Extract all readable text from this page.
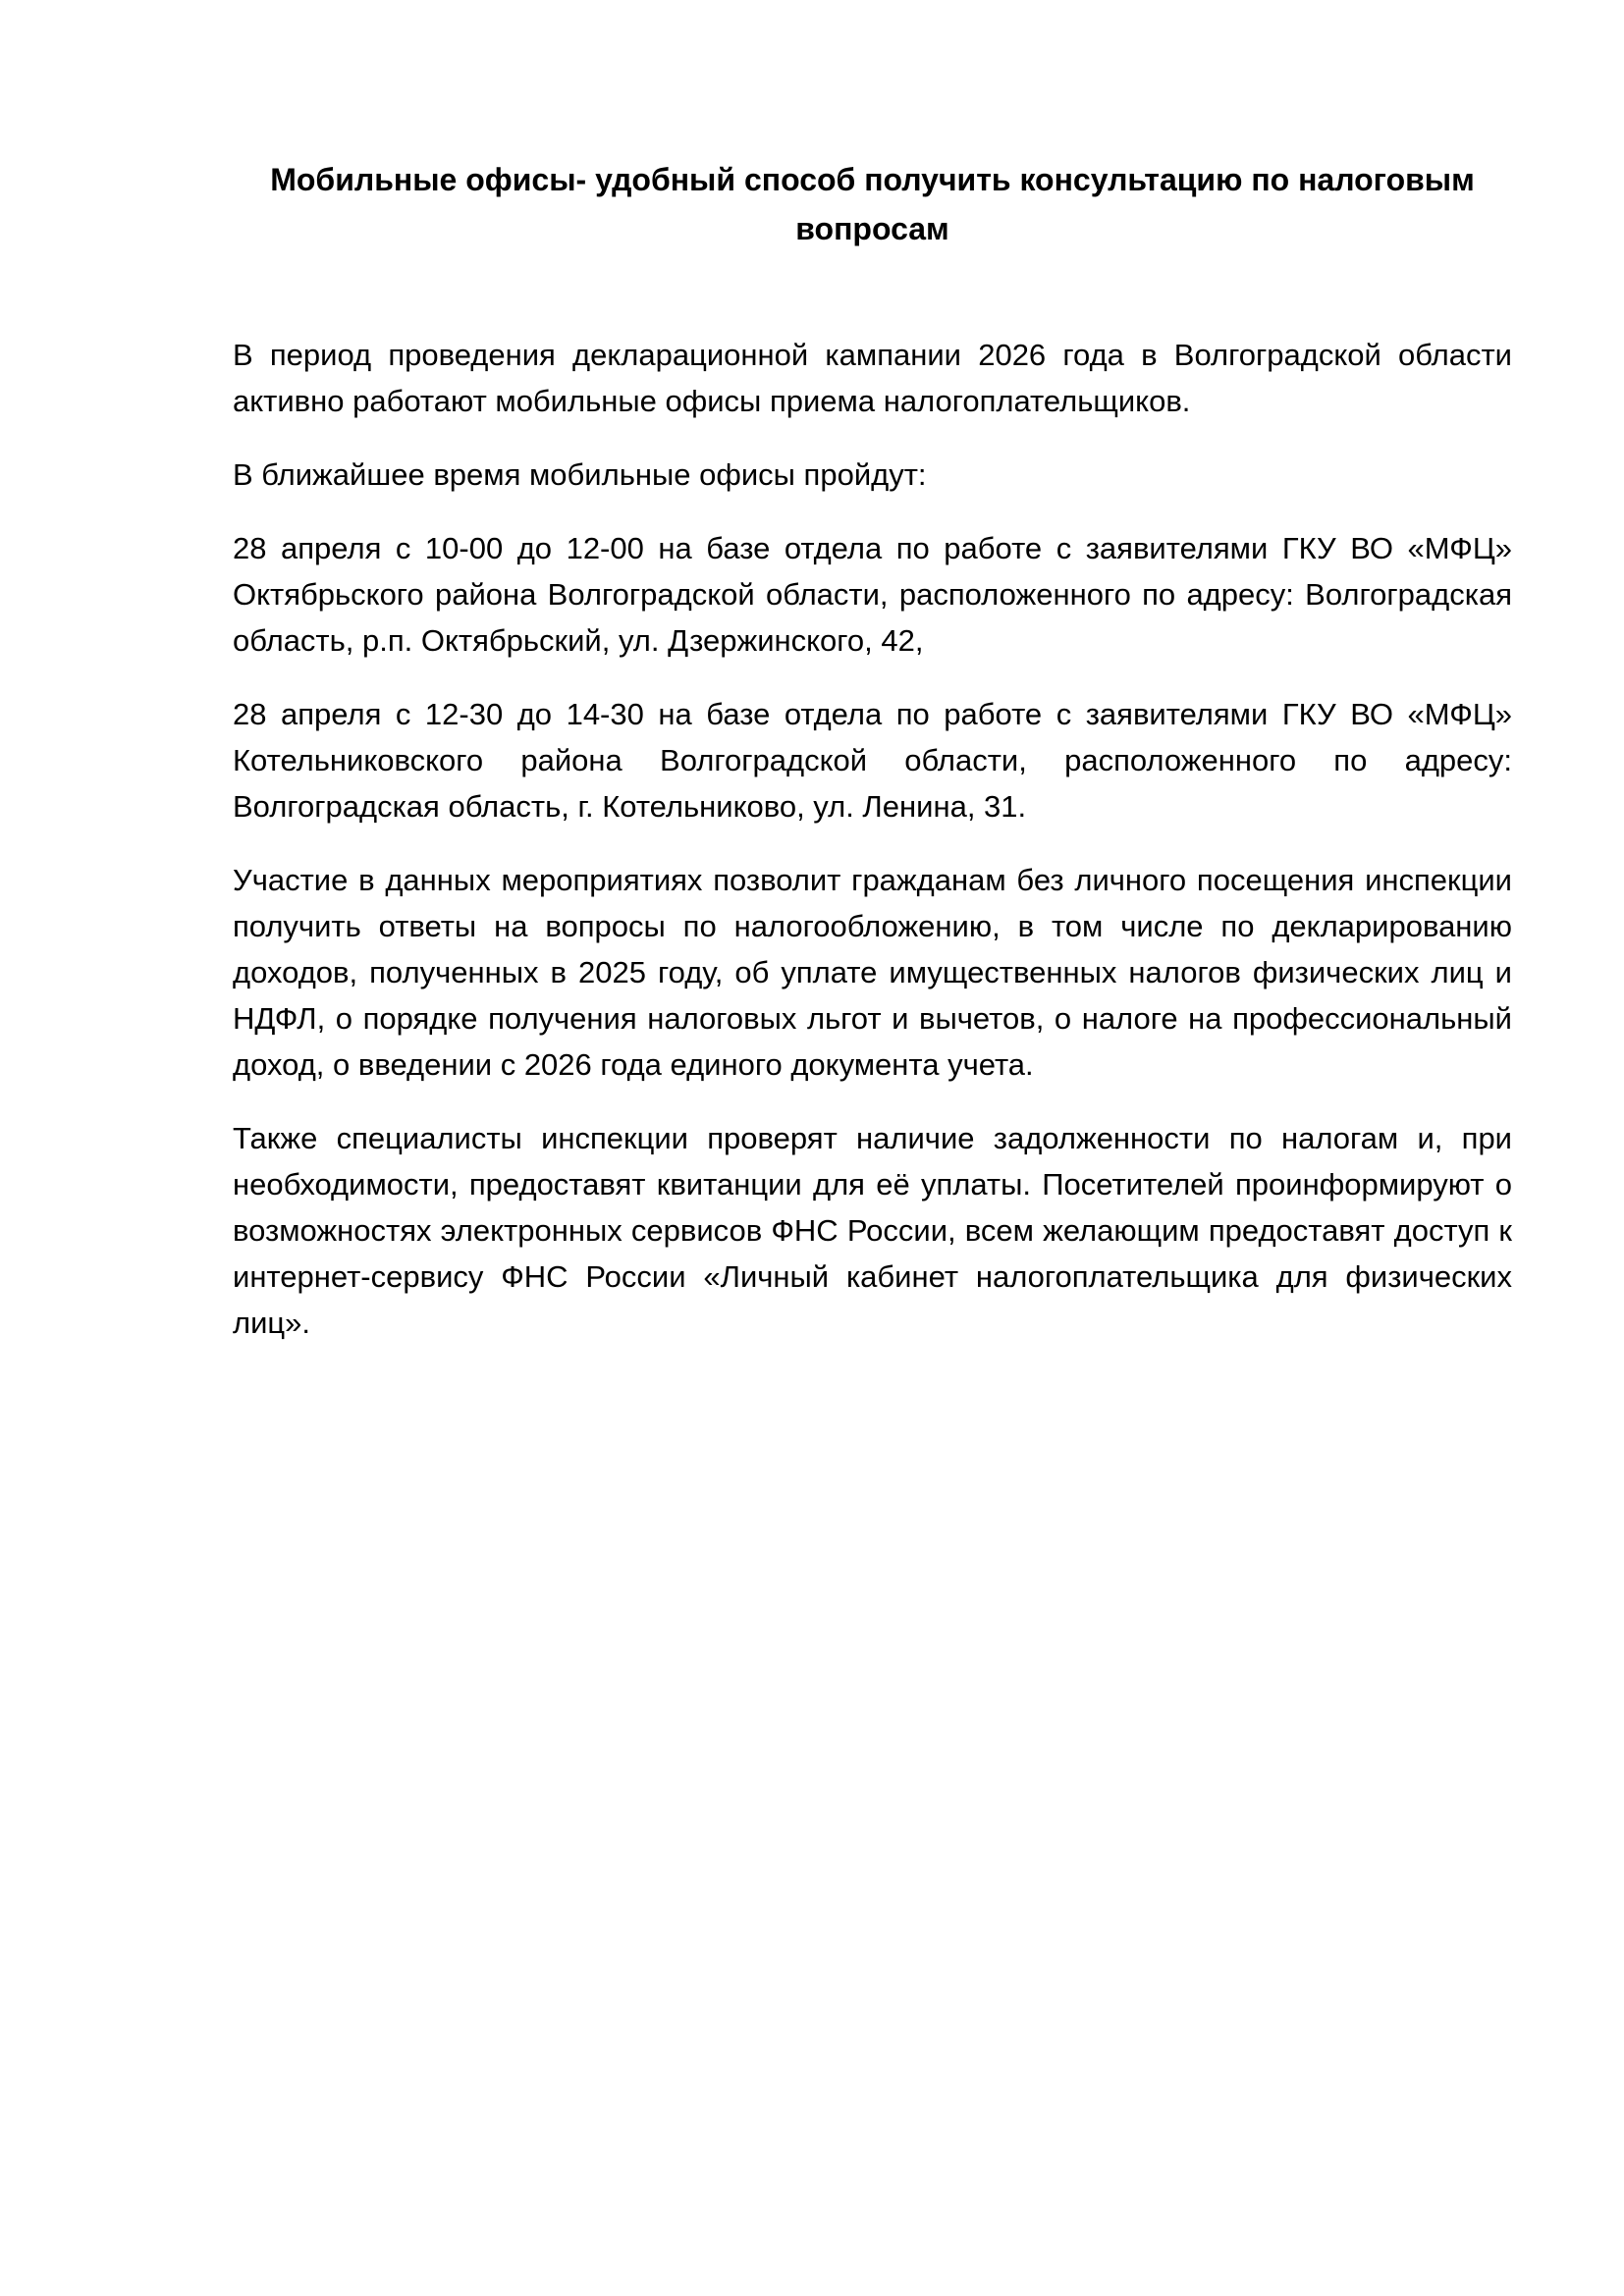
Мобильные офисы- удобный способ получить консультацию по налоговым вопросам

В период проведения декларационной кампании 2026 года в Волгоградской области активно работают мобильные офисы приема налогоплательщиков.

В ближайшее время мобильные офисы пройдут:

28 апреля с 10-00 до 12-00 на базе отдела по работе с заявителями ГКУ ВО «МФЦ» Октябрьского района Волгоградской области, расположенного по адресу: Волгоградская область, р.п. Октябрьский, ул. Дзержинского, 42,

28 апреля с 12-30 до 14-30 на базе отдела по работе с заявителями ГКУ ВО «МФЦ» Котельниковского района Волгоградской области, расположенного по адресу: Волгоградская область, г. Котельниково, ул. Ленина, 31.

Участие в данных мероприятиях позволит гражданам без личного посещения инспекции получить ответы на вопросы по налогообложению, в том числе по декларированию доходов, полученных в 2025 году, об уплате имущественных налогов физических лиц и НДФЛ, о порядке получения налоговых льгот и вычетов, о налоге на профессиональный доход, о введении с 2026 года единого документа учета.

Также специалисты инспекции проверят наличие задолженности по налогам и, при необходимости, предоставят квитанции для её уплаты. Посетителей проинформируют о возможностях электронных сервисов ФНС России, всем желающим предоставят доступ к интернет-сервису ФНС России «Личный кабинет налогоплательщика для физических лиц».
